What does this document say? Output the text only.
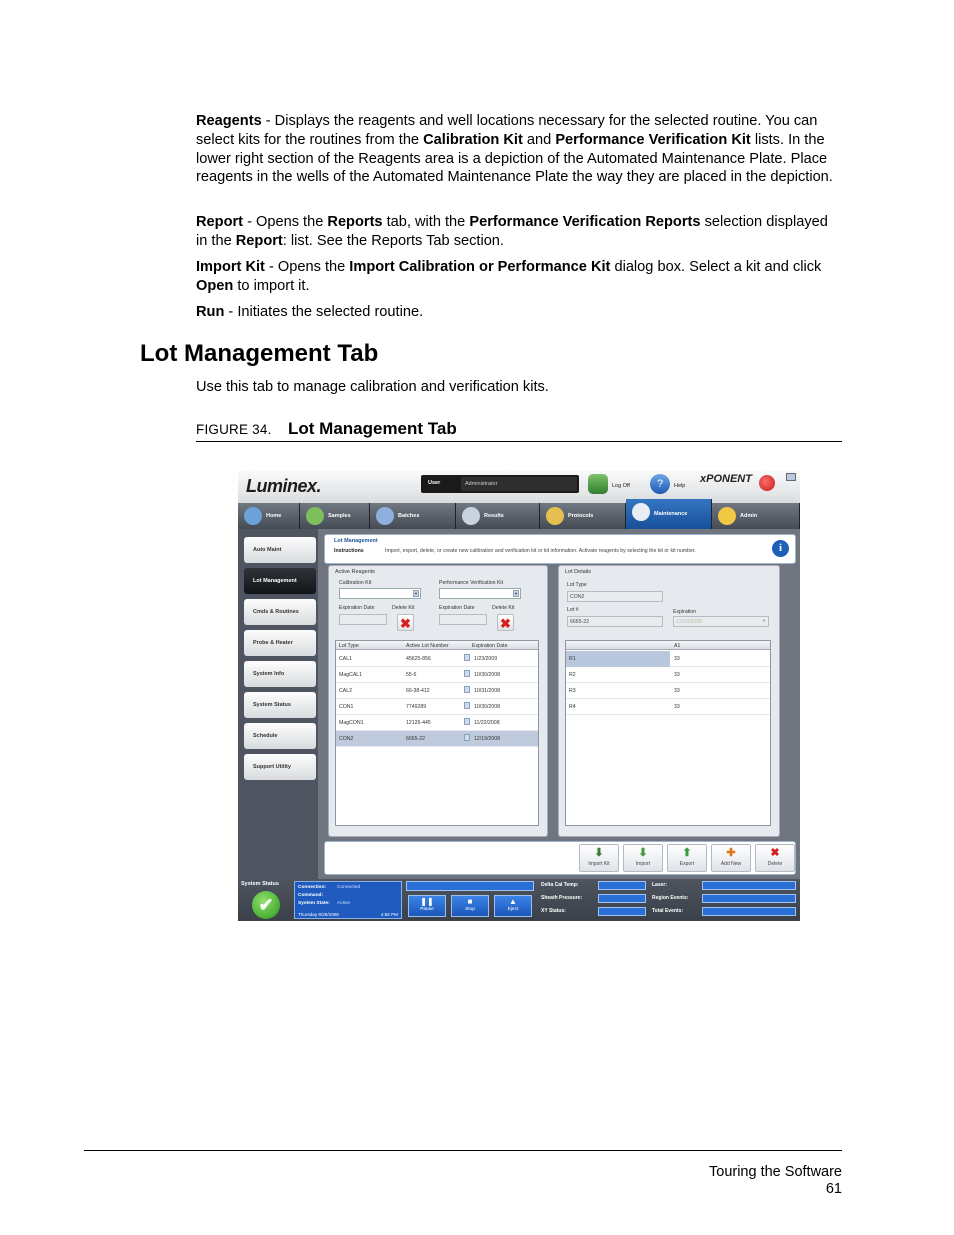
Reagents - Displays the reagents and well locations necessary for the selected routine. You can select kits for the routines from the Calibration Kit and Performance Verification Kit lists. In the lower right section of the Reagents area is a depiction of the Automated Maintenance Plate. Place reagents in the wells of the Automated Maintenance Plate the way they are placed in the depiction.
Report - Opens the Reports tab, with the Performance Verification Reports selection displayed in the Report: list. See the Reports Tab section.
Import Kit - Opens the Import Calibration or Performance Kit dialog box. Select a kit and click Open to import it.
Run - Initiates the selected routine.
Lot Management Tab
Use this tab to manage calibration and verification kits.
FIGURE 34. Lot Management Tab
Luminex.	User	Administrator	Log Off	?	Help
xPONENT
Home	Samples	Batches	Results	Protocols	Maintenance	Admin
Auto Maint
Lot Management
Cmds & Routines
Probe & Heater
System Info
System Status
Schedule
Support Utility
Lot Management
Instructions	Import, export, delete, or create new calibration and verification kit or kit information. Activate reagents by selecting the kit or kit number.	i
Active Reagents
Calibration Kit
▼
Performance Verification Kit
▼
Expiration Date	Delete Kit
✖
Expiration Date	Delete Kit
✖
Lot Type	Active Lot Number	Expiration Date
CAL1	45625-856	1/23/2009
MagCAL1	55-6	10/30/2008
CAL2	66-38-412	10/31/2008
CON1	7749289	10/30/2008
MagCON1	12126-445	11/22/2008
CON2	6665-22	12/19/2008
Lot Details
Lot Type
CON2
Lot #
6665-22
Expiration
12/19/2008	▼
A1
R1	33
R2	33
R3	33
R4	33
⬇
Import Kit
⬇
Import
⬆
Export
✚
Add New
✖
Delete
System Status
✔
Connection: Connected
Command:
System State: Active
Thursday 8/28/2008	4:56 PM
❚❚
Pause
■
Stop
▲
Eject
Delta Cal Temp:
Sheath Pressure:
XY Status:
Laser:
Region Events:
Total Events:
Touring the Software
61
